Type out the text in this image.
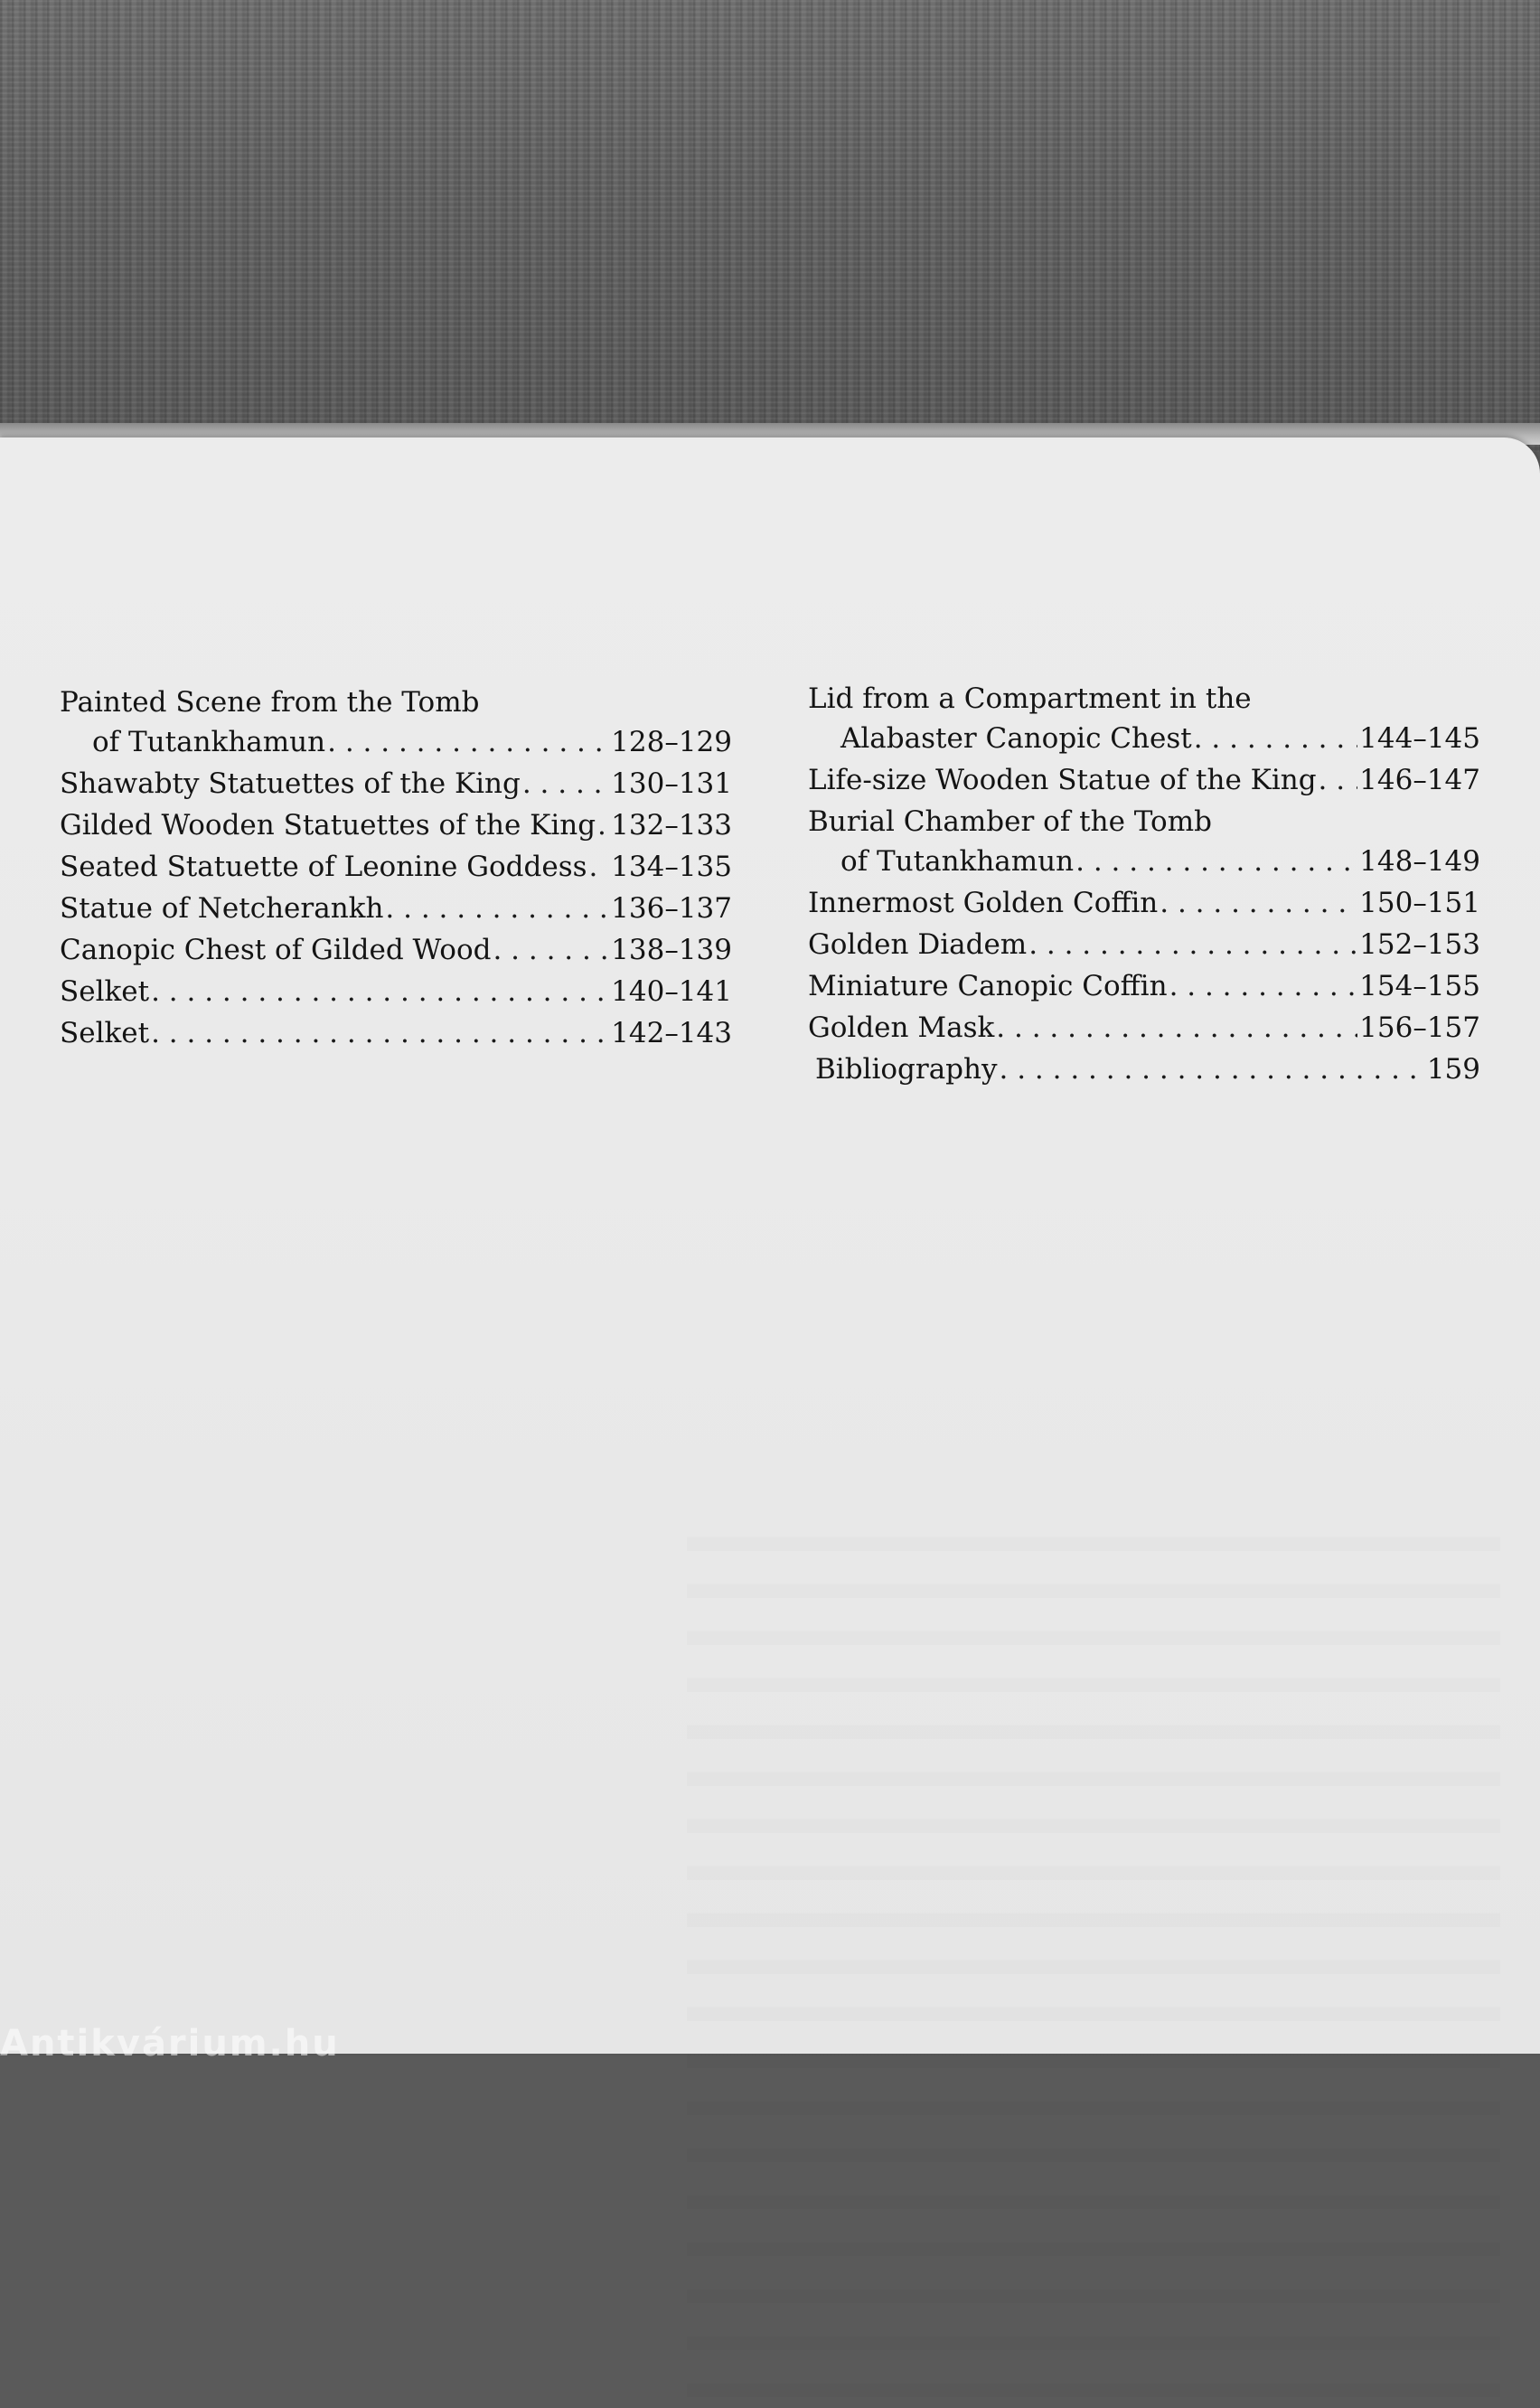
Painted Scene from the Tomb
of Tutankhamun . . .	128–129
Shawabty Statuettes of the King . . .	130–131
Gilded Wooden Statuettes of the King . . . 132–133
Seated Statuette of Leonine Goddess . . . 134–135
Statue of Netcherankh . . .	136–137
Canopic Chest of Gilded Wood . . .	138–139
Selket . . .	140–141
Selket . . .	142–143
Lid from a Compartment in the
Alabaster Canopic Chest . . .	144–145
Life-size Wooden Statue of the King . . . 146–147
Burial Chamber of the Tomb
of Tutankhamun . . .	148–149
Innermost Golden Coffin . . .	150–151
Golden Diadem . . .	152–153
Miniature Canopic Coffin . . .	154–155
Golden Mask . . .	156–157
Bibliography . . .	159
Antikvárium.hu
